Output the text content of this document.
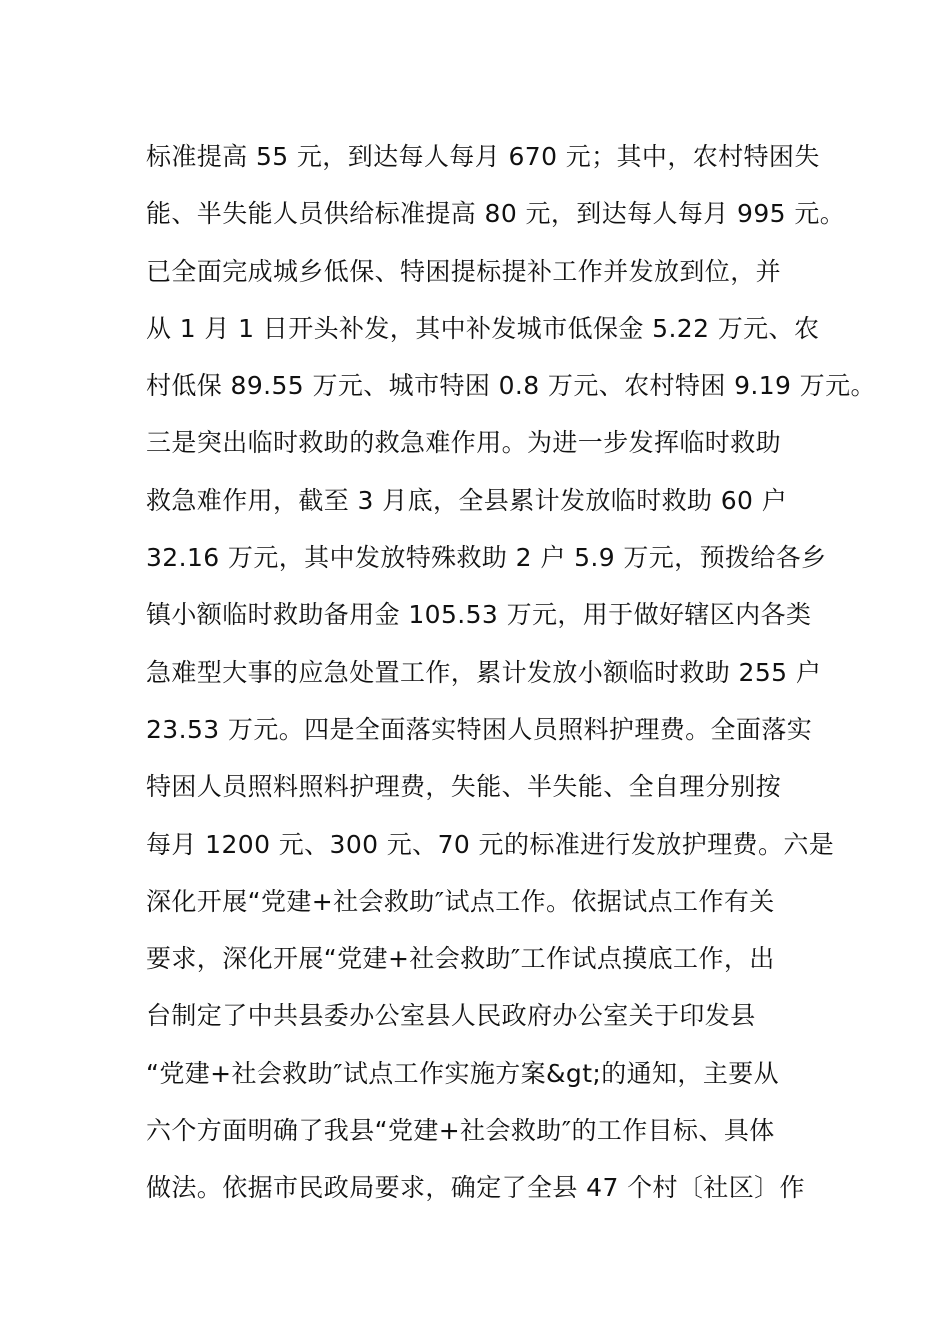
标准提高 55 元，到达每人每月 670 元；其中，农村特困失
能、半失能人员供给标准提高 80 元，到达每人每月 995 元。
已全面完成城乡低保、特困提标提补工作并发放到位，并
从 1 月 1 日开头补发，其中补发城市低保金 5.22 万元、农
村低保 89.55 万元、城市特困 0.8 万元、农村特困 9.19 万元。
三是突出临时救助的救急难作用。为进一步发挥临时救助
救急难作用，截至 3 月底，全县累计发放临时救助 60 户
32.16 万元，其中发放特殊救助 2 户 5.9 万元，预拨给各乡
镇小额临时救助备用金 105.53 万元，用于做好辖区内各类
急难型大事的应急处置工作，累计发放小额临时救助 255 户
23.53 万元。四是全面落实特困人员照料护理费。全面落实
特困人员照料照料护理费，失能、半失能、全自理分别按
每月 1200 元、300 元、70 元的标准进行发放护理费。六是
深化开展“党建+社会救助″试点工作。依据试点工作有关
要求，深化开展“党建+社会救助″工作试点摸底工作，出
台制定了中共县委办公室县人民政府办公室关于印发县
“党建+社会救助″试点工作实施方案&gt;的通知，主要从
六个方面明确了我县“党建+社会救助″的工作目标、具体
做法。依据市民政局要求，确定了全县 47 个村〔社区〕作
